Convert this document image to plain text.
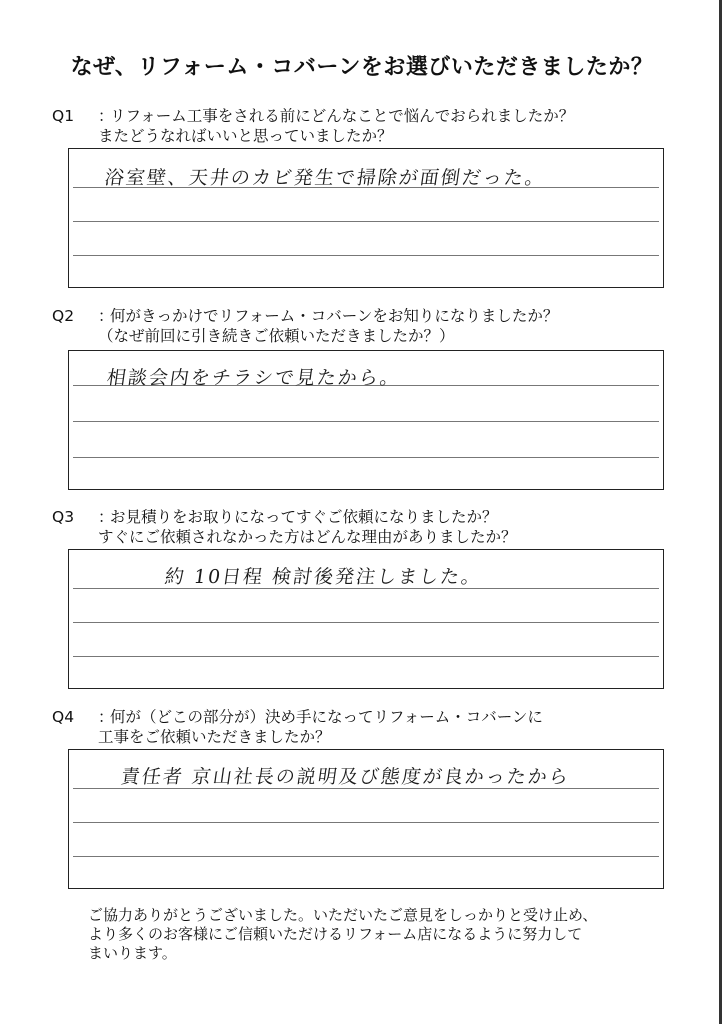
なぜ、リフォーム・コバーンをお選びいただきましたか？
Q1	：
リフォーム工事をされる前にどんなことで悩んでおられましたか？
またどうなればいいと思っていましたか？
浴室壁、天井のカビ発生で掃除が面倒だった。
Q2	：
何がきっかけでリフォーム・コバーンをお知りになりましたか？
（なぜ前回に引き続きご依頼いただきましたか？）
相談会内をチラシで見たから。
Q3	：
お見積りをお取りになってすぐご依頼になりましたか？
すぐにご依頼されなかった方はどんな理由がありましたか？
約 10日程 検討後発注しました。
Q4	：
何が（どこの部分が）決め手になってリフォーム・コバーンに
工事をご依頼いただきましたか？
責任者 京山社長の説明及び態度が良かったから
ご協力ありがとうございました。いただいたご意見をしっかりと受け止め、
より多くのお客様にご信頼いただけるリフォーム店になるように努力して
まいります。
